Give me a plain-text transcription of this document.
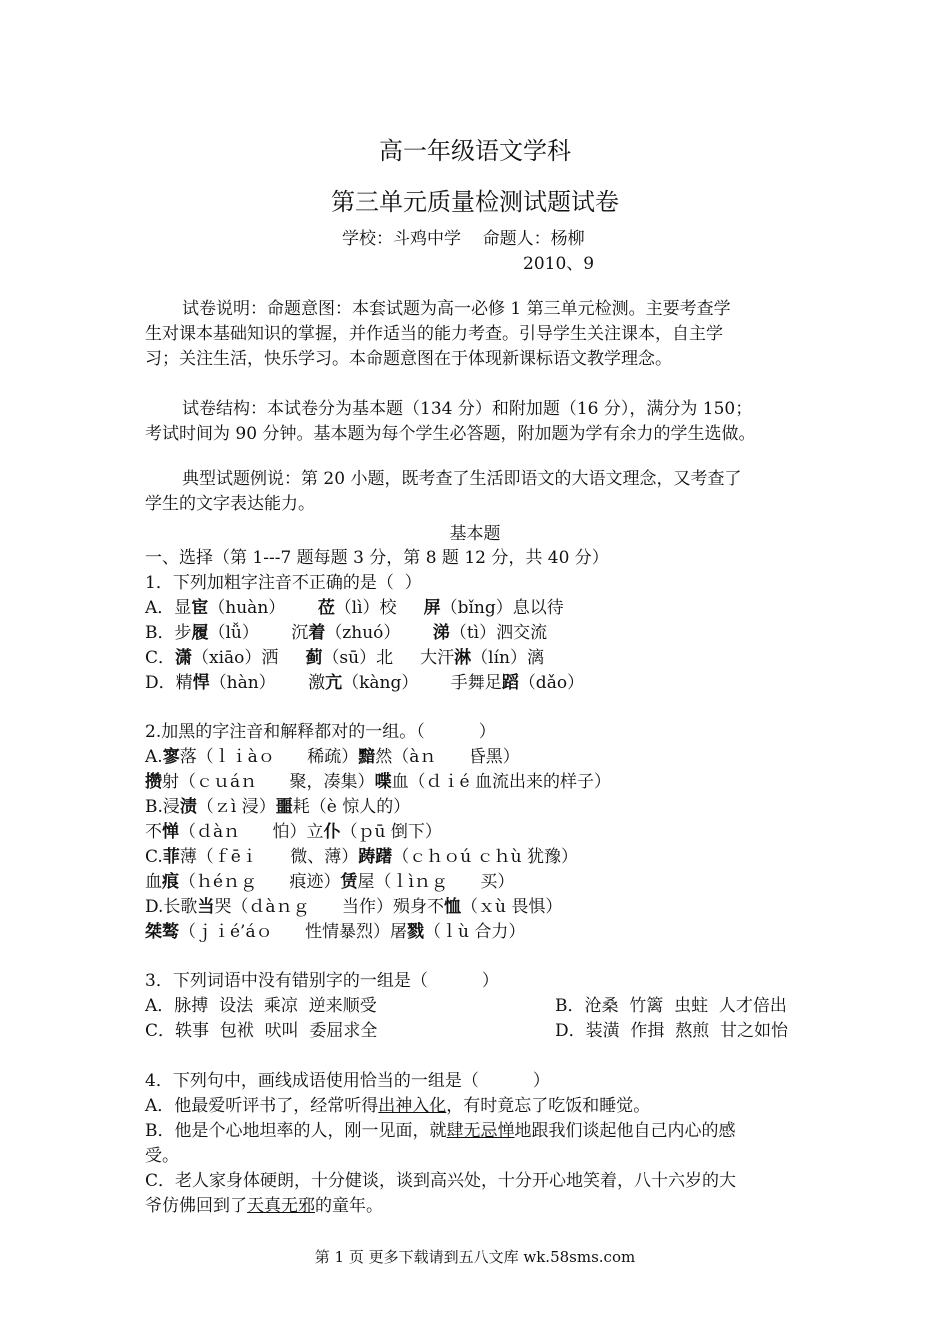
高一年级语文学科
第三单元质量检测试题试卷
学校：斗鸡中学    命题人：杨柳
2010、9
试卷说明：命题意图：本套试题为高一必修 1 第三单元检测。主要考查学
生对课本基础知识的掌握，并作适当的能力考查。引导学生关注课本，自主学
习；关注生活，快乐学习。本命题意图在于体现新课标语文教学理念。
试卷结构：本试卷分为基本题（134 分）和附加题（16 分），满分为 150；
考试时间为 90 分钟。基本题为每个学生必答题，附加题为学有余力的学生选做。
典型试题例说：第 20 小题，既考查了生活即语文的大语文理念，又考查了
学生的文字表达能力。
基本题
一、选择（第 1---7 题每题 3 分，第 8 题 12 分，共 40 分）
1．下列加粗字注音不正确的是（  ）
A．显宦（huàn）      莅（lì）校     屏（bǐng）息以待
B．步履（lǚ）      沉着（zhuó）      涕（tì）泗交流
C．潇（xiāo）洒     蓟（sū）北     大汗淋（lín）漓
D．精悍（hàn）      激亢（kàng）      手舞足蹈（dǎo）
2.加黑的字注音和解释都对的一组。（          ）
A.寥落（ｌｉàｏ      稀疏）黯然（àｎ      昏黑）
攒射（ｃｕáｎ      聚，凑集）喋血（ｄｉé 血流出来的样子）
B.浸渍（ｚì 浸）噩耗（è 惊人的）
不惮（ｄàｎ      怕）立仆（ｐū 倒下）
C.菲薄（ｆēｉ      微、薄）踌躇（ｃｈｏú ｃｈù 犹豫）
血痕（ｈéｎｇ      痕迹）赁屋（ｌìｎｇ      买）
D.长歌当哭（ｄàｎｇ      当作）殒身不恤（ｘù 畏惧）
桀骜（ｊｉé’áｏ      性情暴烈）屠戮（ｌù 合力）
3．下列词语中没有错别字的一组是（          ）
A．脉搏  设法  乘凉  逆来顺受	B．沧桑  竹篱  虫蛀  人才倍出
C．轶事  包袱  吠叫  委屈求全	D．装潢  作揖  熬煎  甘之如怡
4．下列句中，画线成语使用恰当的一组是（          ）
A．他最爱听评书了，经常听得出神入化，有时竟忘了吃饭和睡觉。
B．他是个心地坦率的人，刚一见面，就肆无忌惮地跟我们谈起他自己内心的感
受。
C．老人家身体硬朗，十分健谈，谈到高兴处，十分开心地笑着，八十六岁的大
爷仿佛回到了天真无邪的童年。
第 1 页 更多下载请到五八文库 wk.58sms.com
